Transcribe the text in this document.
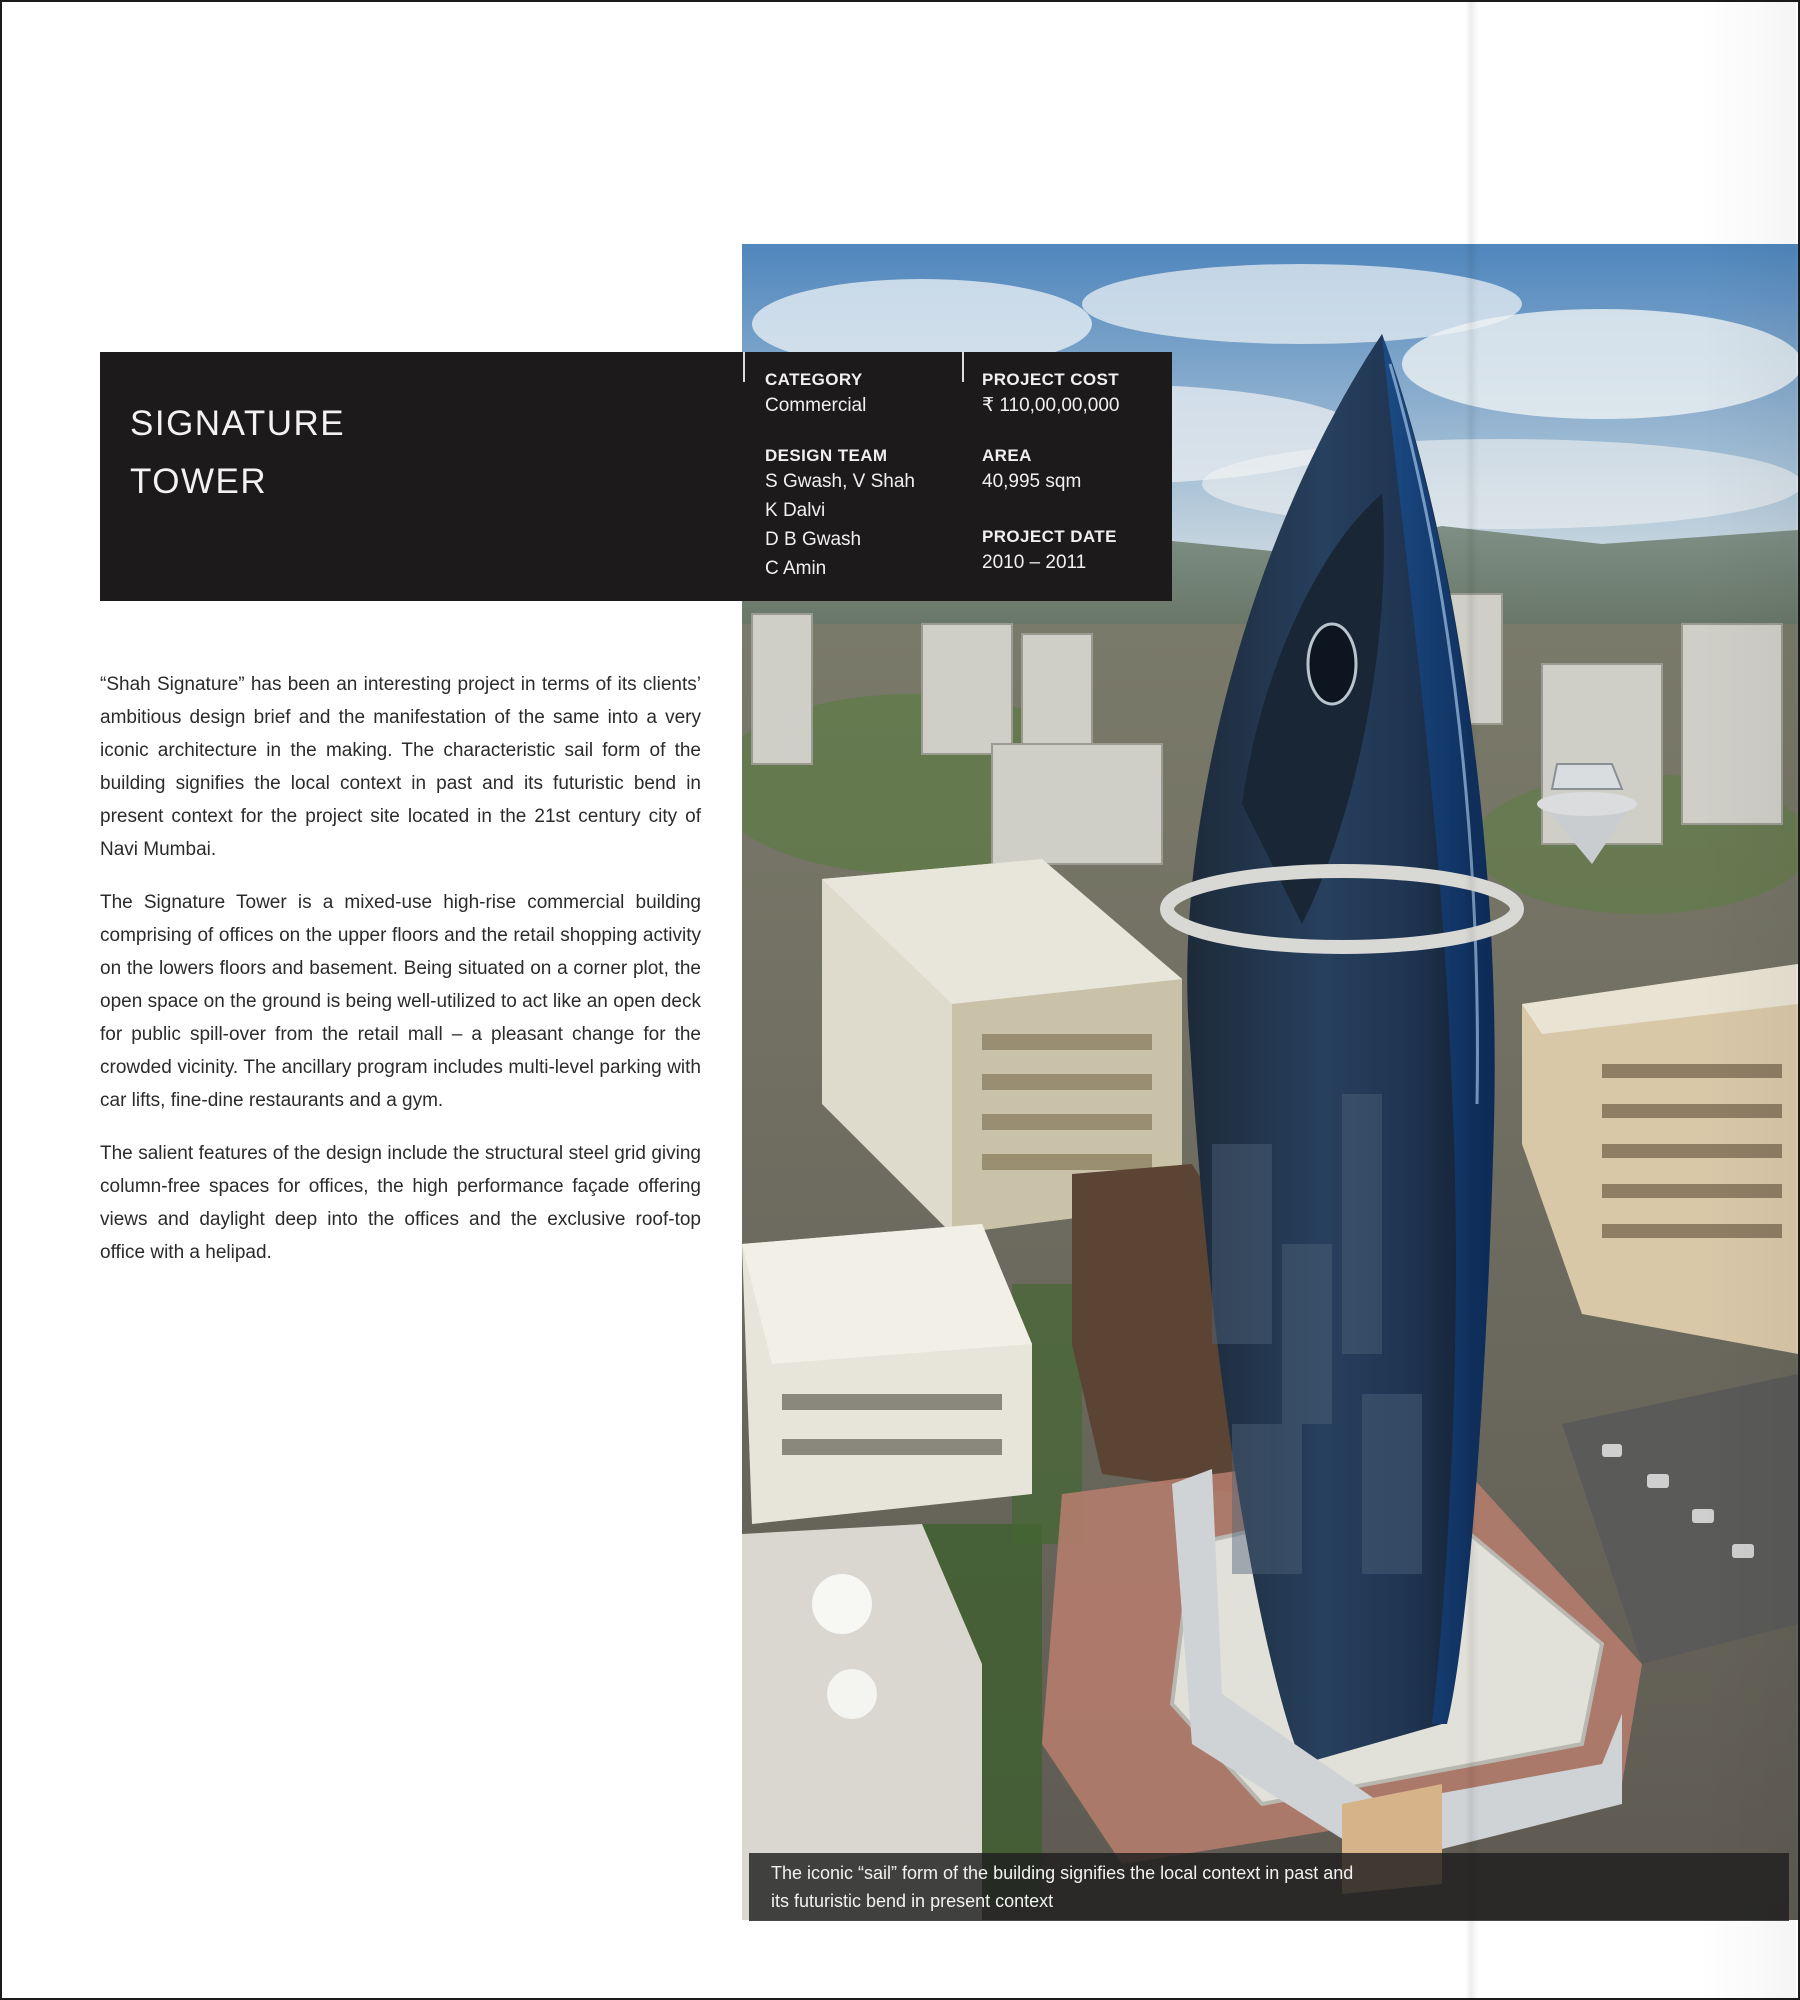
SIGNATURE
TOWER
CATEGORY
Commercial
DESIGN TEAM
S Gwash, V Shah
K Dalvi
D B Gwash
C Amin
PROJECT COST
₹ 110,00,00,000
AREA
40,995 sqm
PROJECT DATE
2010 – 2011

“Shah Signature” has been an interesting project in terms of its clients’ ambitious design brief and the manifestation of the same into a very iconic architecture in the making. The characteristic sail form of the building signifies the local context in past and its futuristic bend in present context for the project site located in the 21st century city of Navi Mumbai.

The Signature Tower is a mixed-use high-rise commercial building comprising of offices on the upper floors and the retail shopping activity on the lowers floors and basement. Being situated on a corner plot, the open space on the ground is being well-utilized to act like an open deck for public spill-over from the retail mall – a pleasant change for the crowded vicinity. The ancillary program includes multi-level parking with car lifts, fine-dine restaurants and a gym.

The salient features of the design include the structural steel grid giving column-free spaces for offices, the high performance façade offering views and daylight deep into the offices and the exclusive roof-top office with a helipad.

The iconic “sail” form of the building signifies the local context in past and its futuristic bend in present context
